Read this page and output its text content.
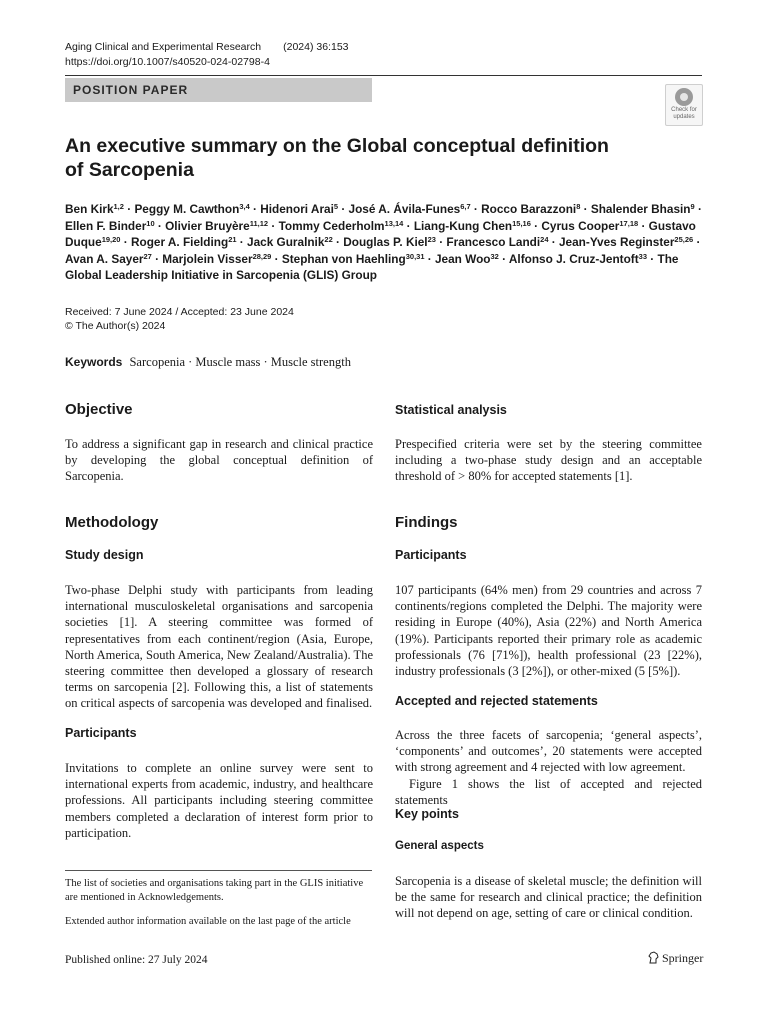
Aging Clinical and Experimental Research (2024) 36:153
https://doi.org/10.1007/s40520-024-02798-4
POSITION PAPER
Check for updates
An executive summary on the Global conceptual definition
of Sarcopenia
Ben Kirk$^{1,2}$ · Peggy M. Cawthon$^{3,4}$ · Hidenori Arai$^5$ · José A. Ávila-Funes$^{6,7}$ · Rocco Barazzoni$^8$ · Shalender Bhasin$^9$ · Ellen F. Binder$^{10}$ · Olivier Bruyère$^{11,12}$ · Tommy Cederholm$^{13,14}$ · Liang-Kung Chen$^{15,16}$ · Cyrus Cooper$^{17,18}$ · Gustavo Duque$^{19,20}$ · Roger A. Fielding$^{21}$ · Jack Guralnik$^{22}$ · Douglas P. Kiel$^{23}$ · Francesco Landi$^{24}$ · Jean-Yves Reginster$^{25,26}$ · Avan A. Sayer$^{27}$ · Marjolein Visser$^{28,29}$ · Stephan von Haehling$^{30,31}$ · Jean Woo$^{32}$ · Alfonso J. Cruz-Jentoft$^{33}$ · The Global Leadership Initiative in Sarcopenia (GLIS) Group
Received: 7 June 2024 / Accepted: 23 June 2024
© The Author(s) 2024
Keywords Sarcopenia · Muscle mass · Muscle strength
Objective
To address a significant gap in research and clinical practice by developing the global conceptual definition of Sarcopenia.
Methodology
Study design
Two-phase Delphi study with participants from leading international musculoskeletal organisations and sarcopenia societies [1]. A steering committee was formed of representatives from each continent/region (Asia, Europe, North America, South America, New Zealand/Australia). The steering committee then developed a glossary of research terms on sarcopenia [2]. Following this, a list of statements on critical aspects of sarcopenia was developed and finalised.
Participants
Invitations to complete an online survey were sent to international experts from academic, industry, and healthcare professions. All participants including steering committee members completed a declaration of interest form prior to participation.
The list of societies and organisations taking part in the GLIS initiative are mentioned in Acknowledgements.
Extended author information available on the last page of the article
Statistical analysis
Prespecified criteria were set by the steering committee including a two-phase study design and an acceptable threshold of > 80% for accepted statements [1].
Findings
Participants
107 participants (64% men) from 29 countries and across 7 continents/regions completed the Delphi. The majority were residing in Europe (40%), Asia (22%) and North America (19%). Participants reported their primary role as academic professionals (76 [71%]), health professional (23 [22%), industry professionals (3 [2%]), or other-mixed (5 [5%]).
Accepted and rejected statements
Across the three facets of sarcopenia; ‘general aspects’, ‘components’ and outcomes’, 20 statements were accepted with strong agreement and 4 rejected with low agreement.
Figure 1 shows the list of accepted and rejected statements
Key points
General aspects
Sarcopenia is a disease of skeletal muscle; the definition will be the same for research and clinical practice; the definition will not depend on age, setting of care or clinical condition.
Published online: 27 July 2024	Springer
